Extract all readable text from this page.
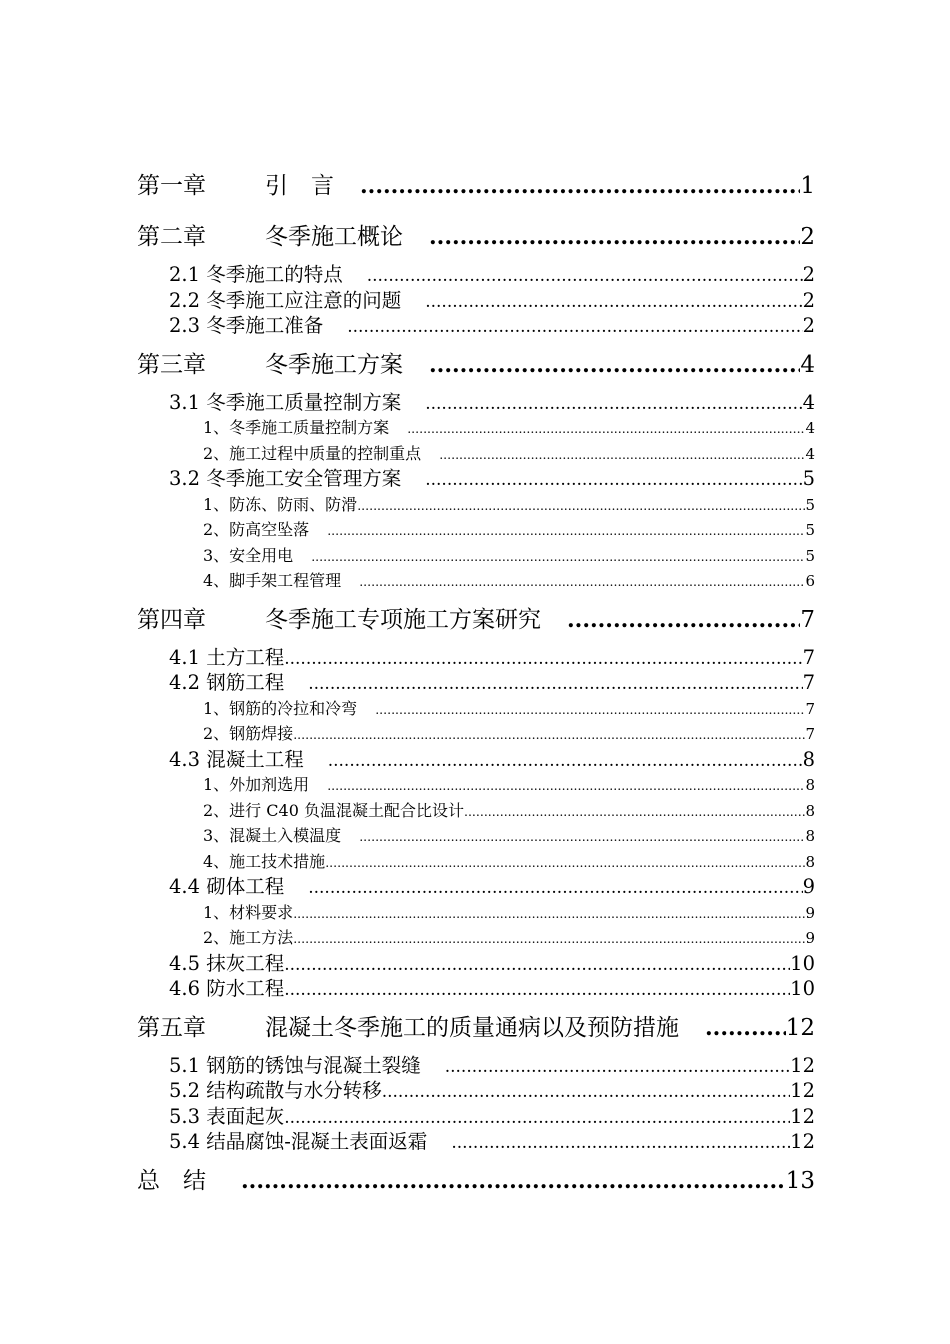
第一章	引　言 .....	1
第二章	冬季施工概论 .....	2
2.1 冬季施工的特点 .....	2
2.2 冬季施工应注意的问题 .....	2
2.3 冬季施工准备 .....	2
第三章	冬季施工方案 .....	4
3.1 冬季施工质量控制方案 .....	4
1、冬季施工质量控制方案 .....	4
2、施工过程中质量的控制重点 .....	4
3.2 冬季施工安全管理方案 .....	5
1、防冻、防雨、防滑 .....	5
2、防高空坠落 .....	5
3、安全用电 .....	5
4、脚手架工程管理 .....	6
第四章	冬季施工专项施工方案研究 .....	7
4.1 土方工程 .....	7
4.2 钢筋工程 .....	7
1、钢筋的冷拉和冷弯 .....	7
2、钢筋焊接 .....	7
4.3 混凝土工程 .....	8
1、外加剂选用 .....	8
2、进行 C40 负温混凝土配合比设计 .....	8
3、混凝土入模温度 .....	8
4、施工技术措施 .....	8
4.4 砌体工程 .....	9
1、材料要求 .....	9
2、施工方法 .....	9
4.5 抹灰工程 .....	10
4.6 防水工程 .....	10
第五章	混凝土冬季施工的质量通病以及预防措施 .....	12
5.1 钢筋的锈蚀与混凝土裂缝 .....	12
5.2 结构疏散与水分转移 .....	12
5.3 表面起灰 .....	12
5.4 结晶腐蚀-混凝土表面返霜 .....	12
总　结 .....	13
